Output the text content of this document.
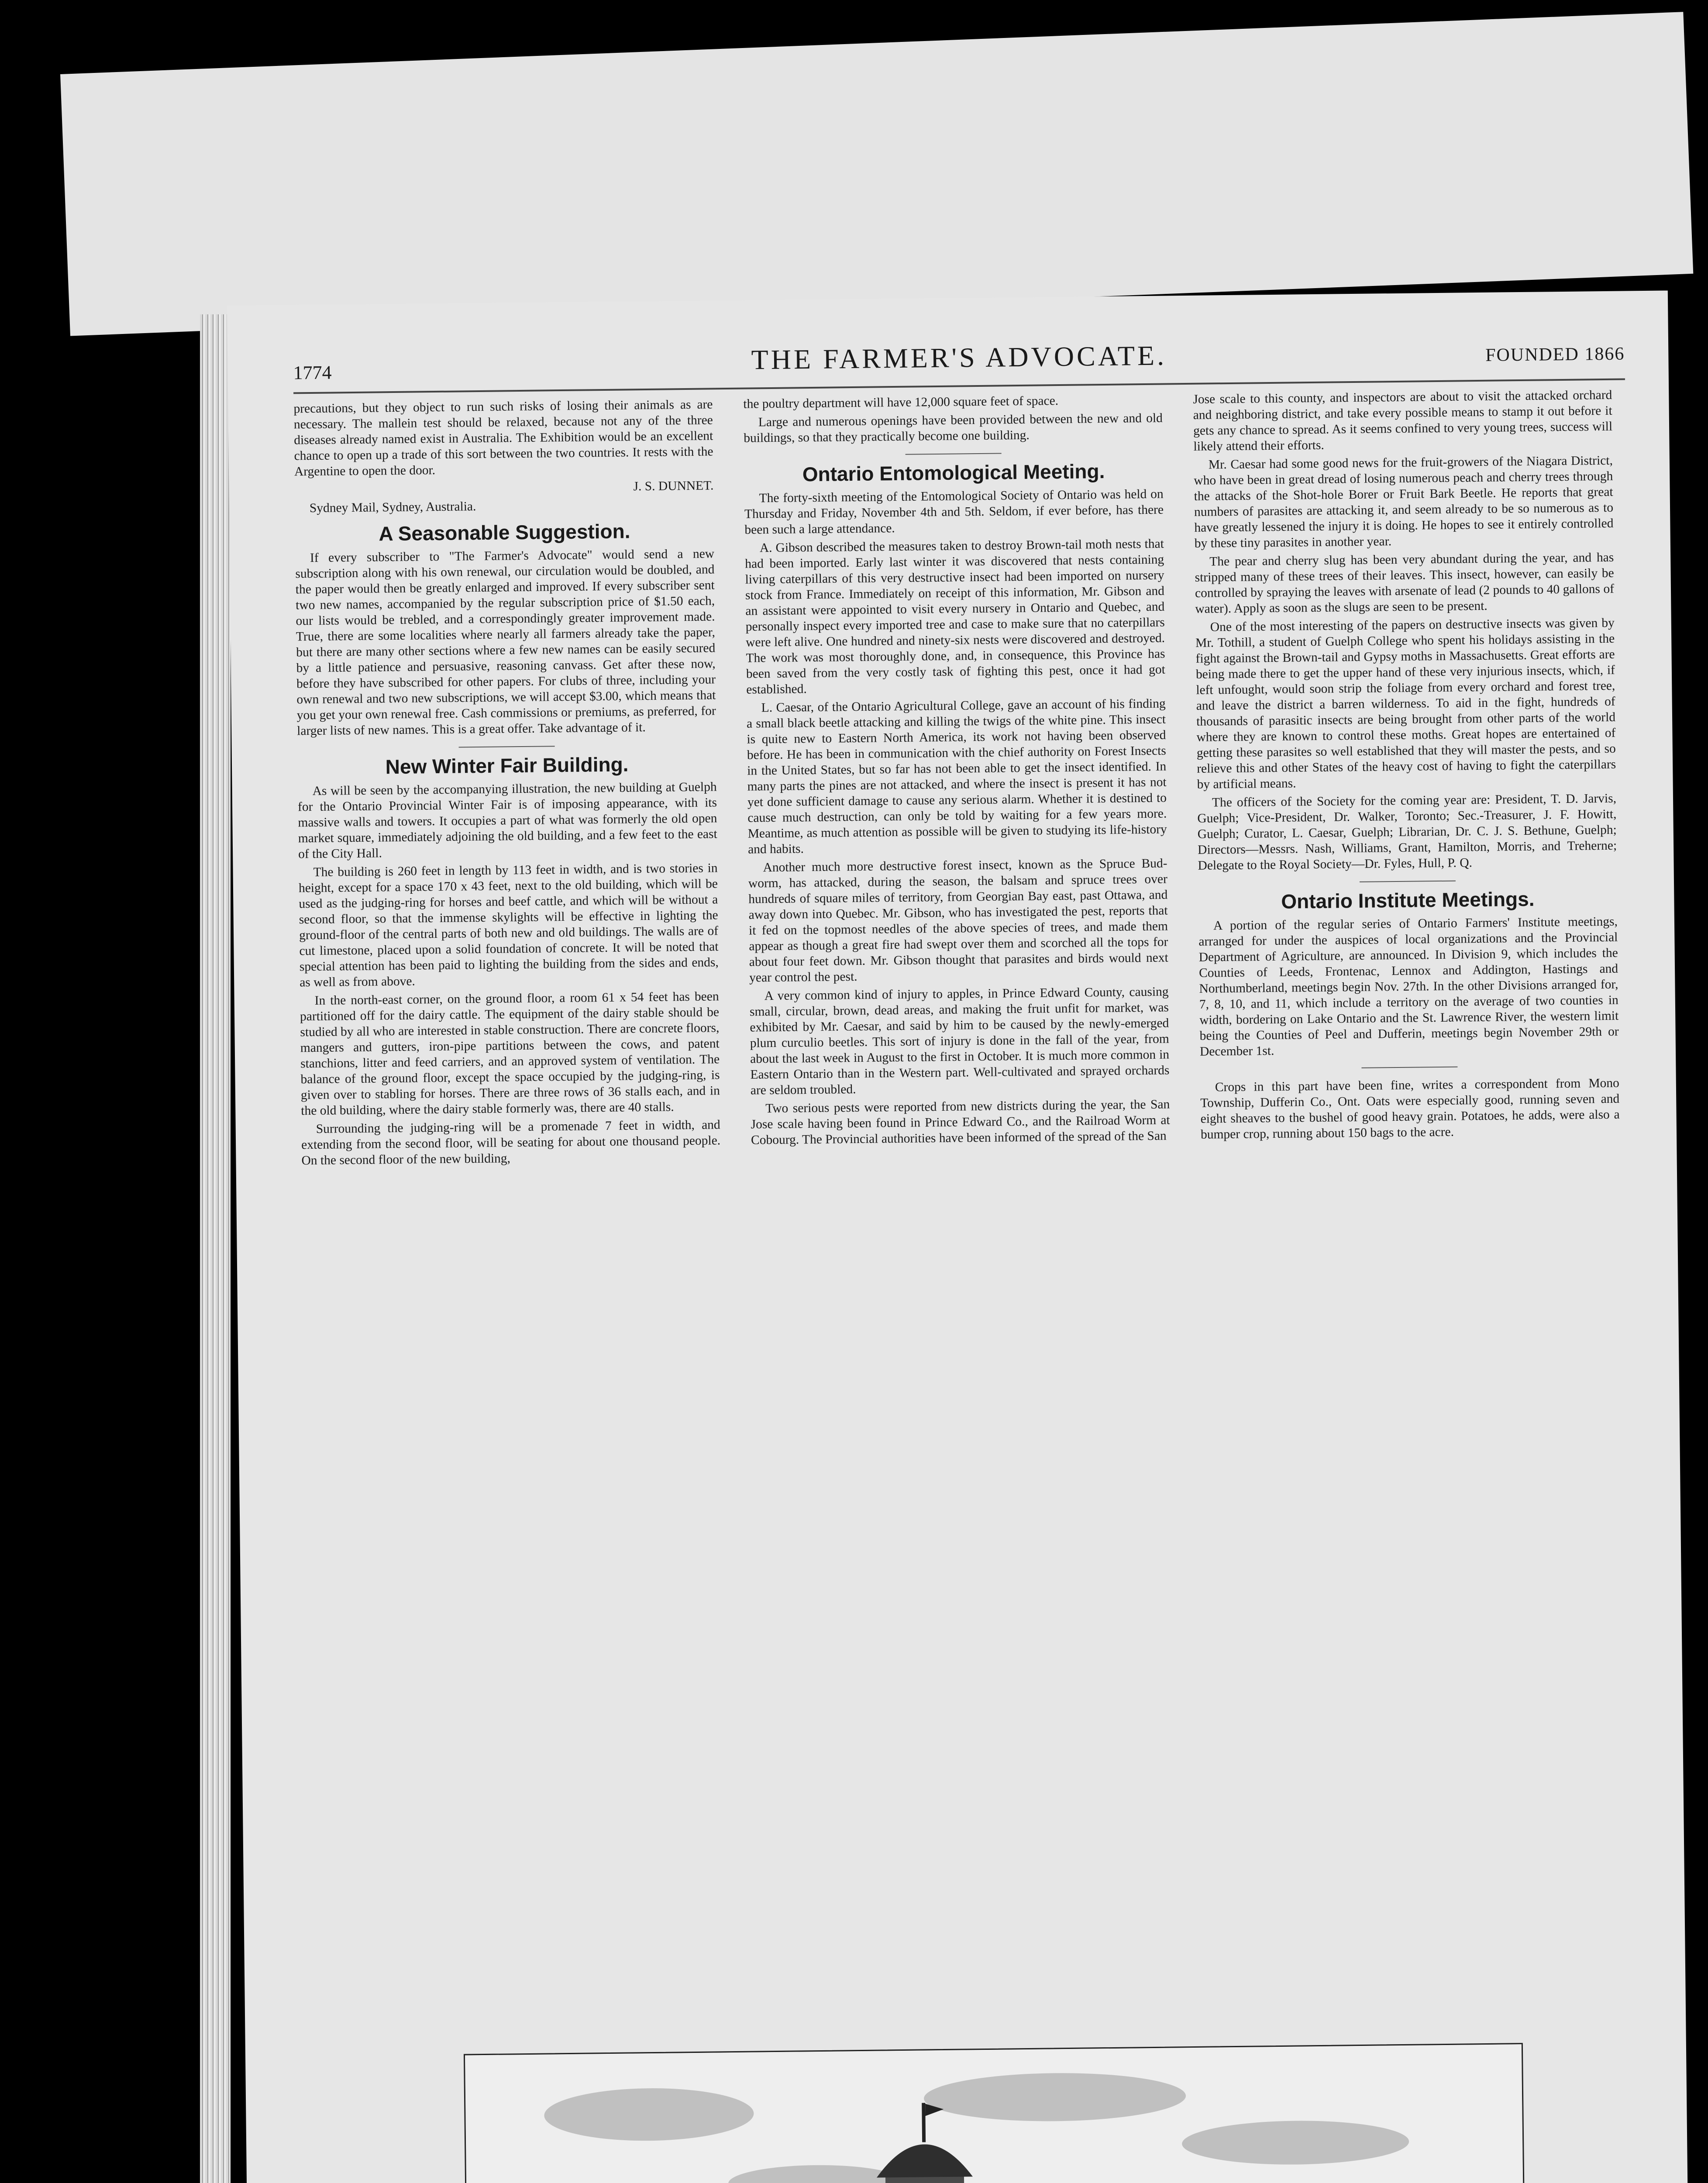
1774	THE FARMER'S ADVOCATE.	FOUNDED 1866

precautions, but they object to run such risks of losing their animals as are necessary. The mallein test should be relaxed, because not any of the three diseases already named exist in Australia. The Exhibition would be an excellent chance to open up a trade of this sort between the two countries. It rests with the Argentine to open the door.

J. S. DUNNET.

Sydney Mail, Sydney, Australia.

A Seasonable Suggestion.

If every subscriber to "The Farmer's Advocate" would send a new subscription along with his own renewal, our circulation would be doubled, and the paper would then be greatly enlarged and improved. If every subscriber sent two new names, accompanied by the regular subscription price of $1.50 each, our lists would be trebled, and a correspondingly greater improvement made. True, there are some localities where nearly all farmers already take the paper, but there are many other sections where a few new names can be easily secured by a little patience and persuasive, reasoning canvass. Get after these now, before they have subscribed for other papers. For clubs of three, including your own renewal and two new subscriptions, we will accept $3.00, which means that you get your own renewal free. Cash commissions or premiums, as preferred, for larger lists of new names. This is a great offer. Take advantage of it.

New Winter Fair Building.

As will be seen by the accompanying illustration, the new building at Guelph for the Ontario Provincial Winter Fair is of imposing appearance, with its massive walls and towers. It occupies a part of what was formerly the old open market square, immediately adjoining the old building, and a few feet to the east of the City Hall.

The building is 260 feet in length by 113 feet in width, and is two stories in height, except for a space 170 x 43 feet, next to the old building, which will be used as the judging-ring for horses and beef cattle, and which will be without a second floor, so that the immense skylights will be effective in lighting the ground-floor of the central parts of both new and old buildings. The walls are of cut limestone, placed upon a solid foundation of concrete. It will be noted that special attention has been paid to lighting the building from the sides and ends, as well as from above.

In the north-east corner, on the ground floor, a room 61 x 54 feet has been partitioned off for the dairy cattle. The equipment of the dairy stable should be studied by all who are interested in stable construction. There are concrete floors, mangers and gutters, iron-pipe partitions between the cows, and patent stanchions, litter and feed carriers, and an approved system of ventilation. The balance of the ground floor, except the space occupied by the judging-ring, is given over to stabling for horses. There are three rows of 36 stalls each, and in the old building, where the dairy stable formerly was, there are 40 stalls.

Surrounding the judging-ring will be a promenade 7 feet in width, and extending from the second floor, will be seating for about one thousand people. On the second floor of the new building,

the poultry department will have 12,000 square feet of space.

Large and numerous openings have been provided between the new and old buildings, so that they practically become one building.

Ontario Entomological Meeting.

The forty-sixth meeting of the Entomological Society of Ontario was held on Thursday and Friday, November 4th and 5th. Seldom, if ever before, has there been such a large attendance.

A. Gibson described the measures taken to destroy Brown-tail moth nests that had been imported. Early last winter it was discovered that nests containing living caterpillars of this very destructive insect had been imported on nursery stock from France. Immediately on receipt of this information, Mr. Gibson and an assistant were appointed to visit every nursery in Ontario and Quebec, and personally inspect every imported tree and case to make sure that no caterpillars were left alive. One hundred and ninety-six nests were discovered and destroyed. The work was most thoroughly done, and, in consequence, this Province has been saved from the very costly task of fighting this pest, once it had got established.

L. Caesar, of the Ontario Agricultural College, gave an account of his finding a small black beetle attacking and killing the twigs of the white pine. This insect is quite new to Eastern North America, its work not having been observed before. He has been in communication with the chief authority on Forest Insects in the United States, but so far has not been able to get the insect identified. In many parts the pines are not attacked, and where the insect is present it has not yet done sufficient damage to cause any serious alarm. Whether it is destined to cause much destruction, can only be told by waiting for a few years more. Meantime, as much attention as possible will be given to studying its life-history and habits.

Another much more destructive forest insect, known as the Spruce Bud-worm, has attacked, during the season, the balsam and spruce trees over hundreds of square miles of territory, from Georgian Bay east, past Ottawa, and away down into Quebec. Mr. Gibson, who has investigated the pest, reports that it fed on the topmost needles of the above species of trees, and made them appear as though a great fire had swept over them and scorched all the tops for about four feet down. Mr. Gibson thought that parasites and birds would next year control the pest.

A very common kind of injury to apples, in Prince Edward County, causing small, circular, brown, dead areas, and making the fruit unfit for market, was exhibited by Mr. Caesar, and said by him to be caused by the newly-emerged plum curculio beetles. This sort of injury is done in the fall of the year, from about the last week in August to the first in October. It is much more common in Eastern Ontario than in the Western part. Well-cultivated and sprayed orchards are seldom troubled.

Two serious pests were reported from new districts during the year, the San Jose scale having been found in Prince Edward Co., and the Railroad Worm at Cobourg. The Provincial authorities have been informed of the spread of the San

Jose scale to this county, and inspectors are about to visit the attacked orchard and neighboring district, and take every possible means to stamp it out before it gets any chance to spread. As it seems confined to very young trees, success will likely attend their efforts.

Mr. Caesar had some good news for the fruit-growers of the Niagara District, who have been in great dread of losing numerous peach and cherry trees through the attacks of the Shot-hole Borer or Fruit Bark Beetle. He reports that great numbers of parasites are attacking it, and seem already to be so numerous as to have greatly lessened the injury it is doing. He hopes to see it entirely controlled by these tiny parasites in another year.

The pear and cherry slug has been very abundant during the year, and has stripped many of these trees of their leaves. This insect, however, can easily be controlled by spraying the leaves with arsenate of lead (2 pounds to 40 gallons of water). Apply as soon as the slugs are seen to be present.

One of the most interesting of the papers on destructive insects was given by Mr. Tothill, a student of Guelph College who spent his holidays assisting in the fight against the Brown-tail and Gypsy moths in Massachusetts. Great efforts are being made there to get the upper hand of these very injurious insects, which, if left unfought, would soon strip the foliage from every orchard and forest tree, and leave the district a barren wilderness. To aid in the fight, hundreds of thousands of parasitic insects are being brought from other parts of the world where they are known to control these moths. Great hopes are entertained of getting these parasites so well established that they will master the pests, and so relieve this and other States of the heavy cost of having to fight the caterpillars by artificial means.

The officers of the Society for the coming year are: President, T. D. Jarvis, Guelph; Vice-President, Dr. Walker, Toronto; Sec.-Treasurer, J. F. Howitt, Guelph; Curator, L. Caesar, Guelph; Librarian, Dr. C. J. S. Bethune, Guelph; Directors—Messrs. Nash, Williams, Grant, Hamilton, Morris, and Treherne; Delegate to the Royal Society—Dr. Fyles, Hull, P. Q.

Ontario Institute Meetings.

A portion of the regular series of Ontario Farmers' Institute meetings, arranged for under the auspices of local organizations and the Provincial Department of Agriculture, are announced. In Division 9, which includes the Counties of Leeds, Frontenac, Lennox and Addington, Hastings and Northumberland, meetings begin Nov. 27th. In the other Divisions arranged for, 7, 8, 10, and 11, which include a territory on the average of two counties in width, bordering on Lake Ontario and the St. Lawrence River, the western limit being the Counties of Peel and Dufferin, meetings begin November 29th or December 1st.

Crops in this part have been fine, writes a correspondent from Mono Township, Dufferin Co., Ont. Oats were especially good, running seven and eight sheaves to the bushel of good heavy grain. Potatoes, he adds, were also a bumper crop, running about 150 bags to the acre.
